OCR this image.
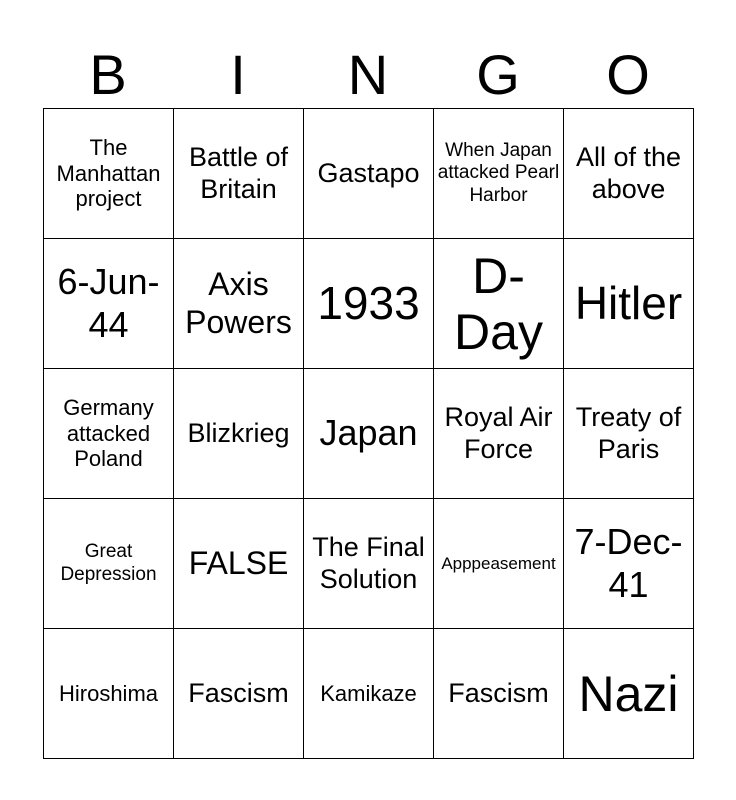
B	I	N	G	O
The Manhattan project	Battle of Britain	Gastapo	When Japan attacked Pearl Harbor	All of the above
6-Jun-44	Axis Powers	1933	D-Day	Hitler
Germany attacked Poland	Blizkrieg	Japan	Royal Air Force	Treaty of Paris
Great Depression	FALSE	The Final Solution	Apppeasement	7-Dec-41
Hiroshima	Fascism	Kamikaze	Fascism	Nazi
